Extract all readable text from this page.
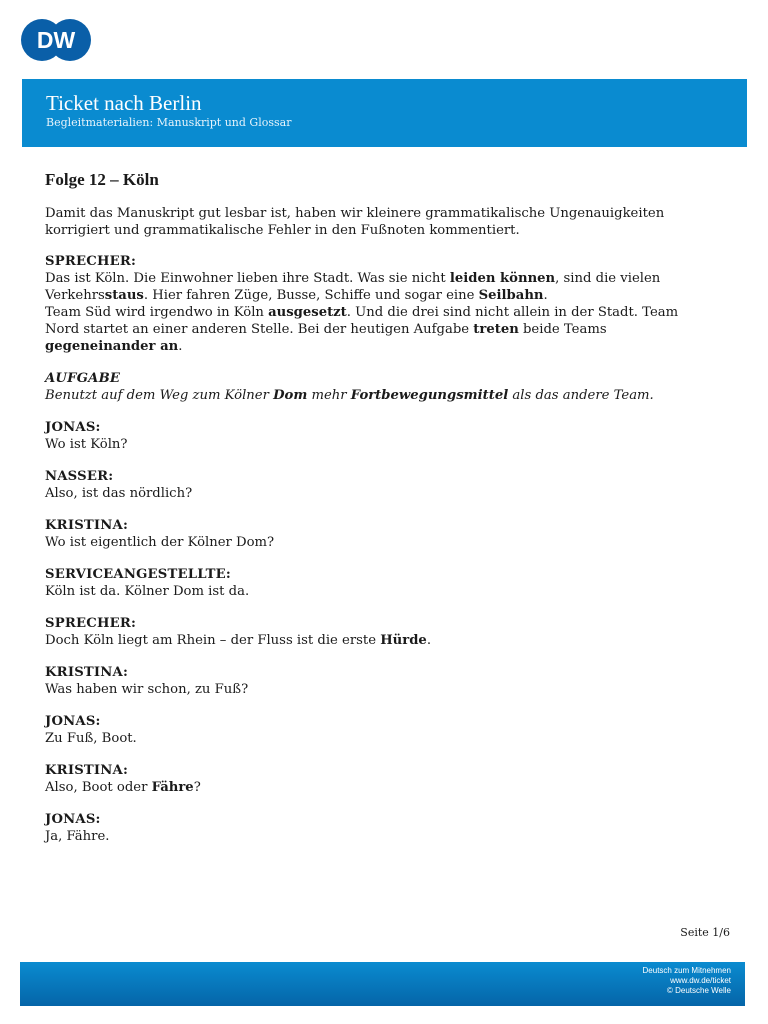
DW
Ticket nach Berlin
Begleitmaterialien: Manuskript und Glossar
Folge 12 – Köln
Damit das Manuskript gut lesbar ist, haben wir kleinere grammatikalische Ungenauigkeiten korrigiert und grammatikalische Fehler in den Fußnoten kommentiert.
SPRECHER:
Das ist Köln. Die Einwohner lieben ihre Stadt. Was sie nicht leiden können, sind die vielen Verkehrsstaus. Hier fahren Züge, Busse, Schiffe und sogar eine Seilbahn.
Team Süd wird irgendwo in Köln ausgesetzt. Und die drei sind nicht allein in der Stadt. Team Nord startet an einer anderen Stelle. Bei der heutigen Aufgabe treten beide Teams gegeneinander an.
AUFGABE
Benutzt auf dem Weg zum Kölner Dom mehr Fortbewegungsmittel als das andere Team.
JONAS:
Wo ist Köln?
NASSER:
Also, ist das nördlich?
KRISTINA:
Wo ist eigentlich der Kölner Dom?
SERVICEANGESTELLTE:
Köln ist da. Kölner Dom ist da.
SPRECHER:
Doch Köln liegt am Rhein – der Fluss ist die erste Hürde.
KRISTINA:
Was haben wir schon, zu Fuß?
JONAS:
Zu Fuß, Boot.
KRISTINA:
Also, Boot oder Fähre?
JONAS:
Ja, Fähre.
Seite 1/6
Deutsch zum Mitnehmen
www.dw.de/ticket
© Deutsche Welle
